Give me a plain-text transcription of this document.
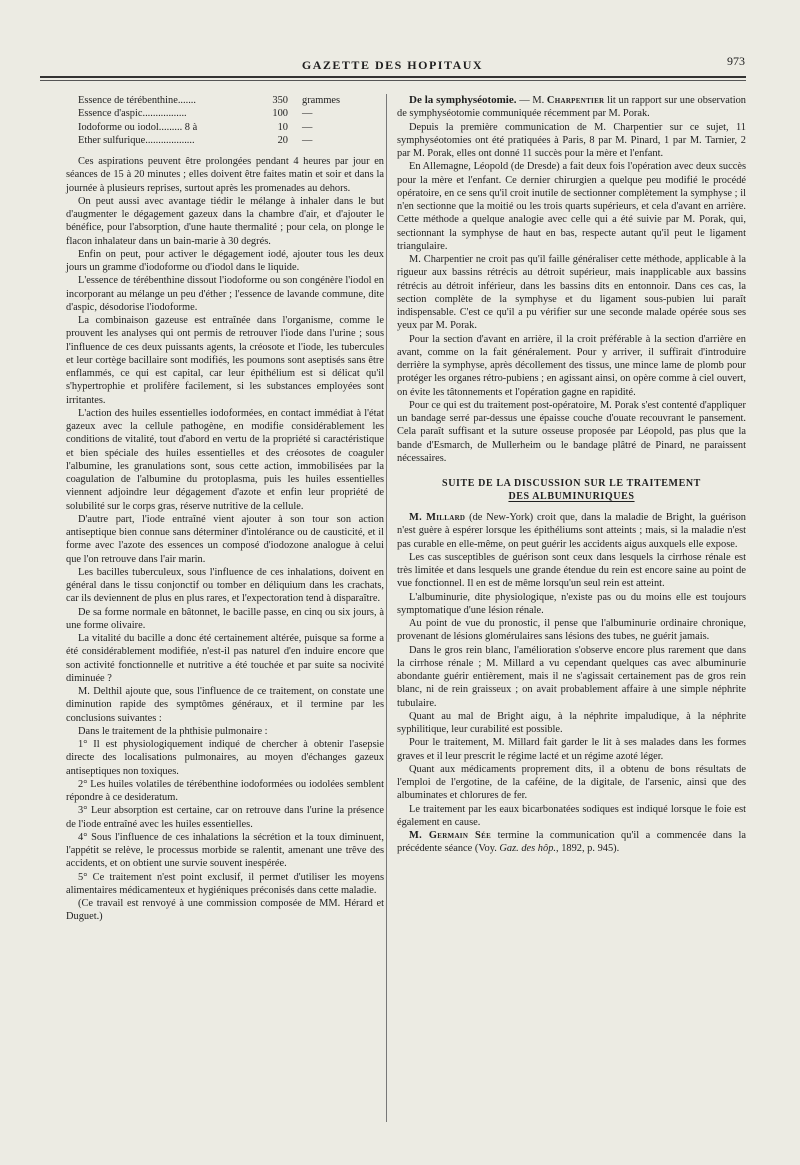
GAZETTE DES HOPITAUX	973
Essence de térébenthine.......	350	grammes
Essence d'aspic.................	100	—
Iodoforme ou iodol......... 8 à	10	—
Ether sulfurique...................	20	—

Ces aspirations peuvent être prolongées pendant 4 heures par jour en séances de 15 à 20 minutes ; elles doivent être faites matin et soir et dans la journée à plusieurs reprises, surtout après les promenades au dehors.

On peut aussi avec avantage tiédir le mélange à inhaler dans le but d'augmenter le dégagement gazeux dans la chambre d'air, et d'ajouter le bénéfice, pour l'absorption, d'une haute thermalité ; pour cela, on plonge le flacon inhalateur dans un bain-marie à 30 degrés.

Enfin on peut, pour activer le dégagement iodé, ajouter tous les deux jours un gramme d'iodoforme ou d'iodol dans le liquide.

L'essence de térébenthine dissout l'iodoforme ou son congénère l'iodol en incorporant au mélange un peu d'éther ; l'essence de lavande commune, dite d'aspic, désodorise l'iodoforme.

La combinaison gazeuse est entraînée dans l'organisme, comme le prouvent les analyses qui ont permis de retrouver l'iode dans l'urine ; sous l'influence de ces deux puissants agents, la créosote et l'iode, les tubercules et leur cortège bacillaire sont modifiés, les poumons sont aseptisés sans être enflammés, ce qui est capital, car leur épithélium est si délicat qu'il s'hypertrophie et prolifère facilement, si les substances employées sont irritantes.

L'action des huiles essentielles iodoformées, en contact immédiat à l'état gazeux avec la cellule pathogène, en modifie considérablement les conditions de vitalité, tout d'abord en vertu de la propriété si caractéristique et bien spéciale des huiles essentielles et des créosotes de coaguler l'albumine, les granulations sont, sous cette action, immobilisées par la coagulation de l'albumine du protoplasma, puis les huiles essentielles viennent adjoindre leur dégagement d'azote et enfin leur propriété de solubilité sur le corps gras, réserve nutritive de la cellule.

D'autre part, l'iode entraîné vient ajouter à son tour son action antiseptique bien connue sans déterminer d'intolérance ou de causticité, et il forme avec l'azote des essences un composé d'iodozone analogue à celui que l'on retrouve dans l'air marin.

Les bacilles tuberculeux, sous l'influence de ces inhalations, doivent en général dans le tissu conjonctif ou tomber en déliquium dans les crachats, car ils deviennent de plus en plus rares, et l'expectoration tend à disparaître.

De sa forme normale en bâtonnet, le bacille passe, en cinq ou six jours, à une forme olivaire.

La vitalité du bacille a donc été certainement altérée, puisque sa forme a été considérablement modifiée, n'est-il pas naturel d'en induire encore que son activité fonctionnelle et nutritive a été touchée et par suite sa nocivité diminuée ?

M. Delthil ajoute que, sous l'influence de ce traitement, on constate une diminution rapide des symptômes généraux, et il termine par les conclusions suivantes :

Dans le traitement de la phthisie pulmonaire :

1° Il est physiologiquement indiqué de chercher à obtenir l'asepsie directe des localisations pulmonaires, au moyen d'échanges gazeux antiseptiques non toxiques.

2° Les huiles volatiles de térébenthine iodoformées ou iodolées semblent répondre à ce desideratum.

3° Leur absorption est certaine, car on retrouve dans l'urine la présence de l'iode entraîné avec les huiles essentielles.

4° Sous l'influence de ces inhalations la sécrétion et la toux diminuent, l'appétit se relève, le processus morbide se ralentit, amenant une trêve des accidents, et on obtient une survie souvent inespérée.

5° Ce traitement n'est point exclusif, il permet d'utiliser les moyens alimentaires médicamenteux et hygiéniques préconisés dans cette maladie.

(Ce travail est renvoyé à une commission composée de MM. Hérard et Duguet.)

De la symphyséotomie. — M. Charpentier lit un rapport sur une observation de symphyséotomie communiquée récemment par M. Porak.

Depuis la première communication de M. Charpentier sur ce sujet, 11 symphyséotomies ont été pratiquées à Paris, 8 par M. Pinard, 1 par M. Tarnier, 2 par M. Porak, elles ont donné 11 succès pour la mère et l'enfant.

En Allemagne, Léopold (de Dresde) a fait deux fois l'opération avec deux succès pour la mère et l'enfant. Ce dernier chirurgien a quelque peu modifié le procédé opératoire, en ce sens qu'il croit inutile de sectionner complètement la symphyse ; il n'en sectionne que la moitié ou les trois quarts supérieurs, et cela d'avant en arrière. Cette méthode a quelque analogie avec celle qui a été suivie par M. Porak, qui, sectionnant la symphyse de haut en bas, respecte autant qu'il peut le ligament triangulaire.

M. Charpentier ne croit pas qu'il faille généraliser cette méthode, applicable à la rigueur aux bassins rétrécis au détroit supérieur, mais inapplicable aux bassins rétrécis au détroit inférieur, dans les bassins dits en entonnoir. Dans ces cas, la section complète de la symphyse et du ligament sous-pubien lui paraît indispensable. C'est ce qu'il a pu vérifier sur une seconde malade opérée sous ses yeux par M. Porak.

Pour la section d'avant en arrière, il la croit préférable à la section d'arrière en avant, comme on la fait généralement. Pour y arriver, il suffirait d'introduire derrière la symphyse, après décollement des tissus, une mince lame de plomb pour protéger les organes rétro-pubiens ; en agissant ainsi, on opère comme à ciel ouvert, on évite les tâtonnements et l'opération gagne en rapidité.

Pour ce qui est du traitement post-opératoire, M. Porak s'est contenté d'appliquer un bandage serré par-dessus une épaisse couche d'ouate recouvrant le pansement. Cela paraît suffisant et la suture osseuse proposée par Léopold, pas plus que la bande d'Esmarch, de Mullerheim ou le bandage plâtré de Pinard, ne paraissent nécessaires.

SUITE DE LA DISCUSSION SUR LE TRAITEMENT
DES ALBUMINURIQUES

M. Millard (de New-York) croit que, dans la maladie de Bright, la guérison n'est guère à espérer lorsque les épithéliums sont atteints ; mais, si la maladie n'est pas curable en elle-même, on peut guérir les accidents aigus auxquels elle expose.

Les cas susceptibles de guérison sont ceux dans lesquels la cirrhose rénale est très limitée et dans lesquels une grande étendue du rein est encore saine au point de vue fonctionnel. Il en est de même lorsqu'un seul rein est atteint.

L'albuminurie, dite physiologique, n'existe pas ou du moins elle est toujours symptomatique d'une lésion rénale.

Au point de vue du pronostic, il pense que l'albuminurie ordinaire chronique, provenant de lésions glomérulaires sans lésions des tubes, ne guérit jamais.

Dans le gros rein blanc, l'amélioration s'observe encore plus rarement que dans la cirrhose rénale ; M. Millard a vu cependant quelques cas avec albuminurie abondante guérir entièrement, mais il ne s'agissait certainement pas de gros rein blanc, ni de rein graisseux ; on avait probablement affaire à une simple néphrite tubulaire.

Quant au mal de Bright aigu, à la néphrite impaludique, à la néphrite syphilitique, leur curabilité est possible.

Pour le traitement, M. Millard fait garder le lit à ses malades dans les formes graves et il leur prescrit le régime lacté et un régime azoté léger.

Quant aux médicaments proprement dits, il a obtenu de bons résultats de l'emploi de l'ergotine, de la caféine, de la digitale, de l'arsenic, ainsi que des albuminates et chlorures de fer.

Le traitement par les eaux bicarbonatées sodiques est indiqué lorsque le foie est également en cause.

M. Germain Sée termine la communication qu'il a commencée dans la précédente séance (Voy. Gaz. des hôp., 1892, p. 945).
